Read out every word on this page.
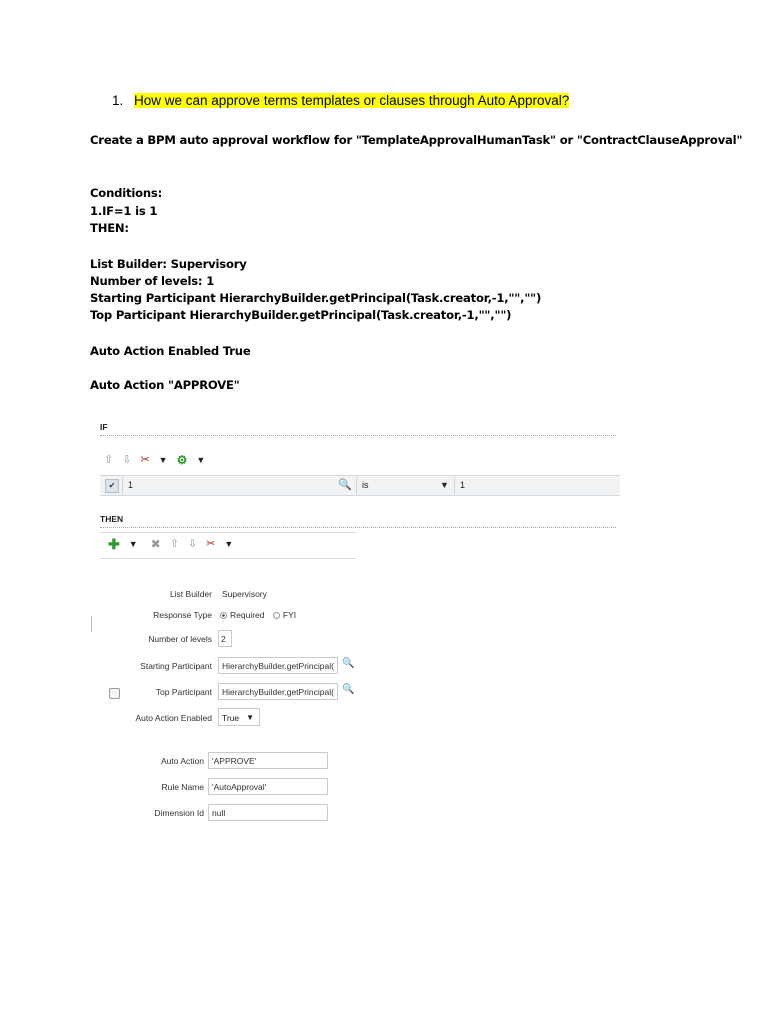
1. How we can approve terms templates or clauses through Auto Approval?
Create a BPM auto approval workflow for "TemplateApprovalHumanTask" or "ContractClauseApproval"
Conditions:
1.IF=1 is 1
THEN:
List Builder: Supervisory
Number of levels: 1
Starting Participant HierarchyBuilder.getPrincipal(Task.creator,-1,"","")
Top Participant HierarchyBuilder.getPrincipal(Task.creator,-1,"","")
Auto Action Enabled True
Auto Action "APPROVE"
IF
⇧ ⇩ ✂ ▼ ⚙ ▼
✔	1	🔍 is	▼ 1
THEN
✚ ▼ ✖ ⇧ ⇩ ✂ ▼
List Builder Supervisory
Response Type	Required FYI
Number of levels	2
Starting Participant	HierarchyBuilder.getPrincipal( 🔍
Top Participant	HierarchyBuilder.getPrincipal( 🔍
Auto Action Enabled	True ▼
Auto Action 'APPROVE'
Rule Name 'AutoApproval'
Dimension Id null
